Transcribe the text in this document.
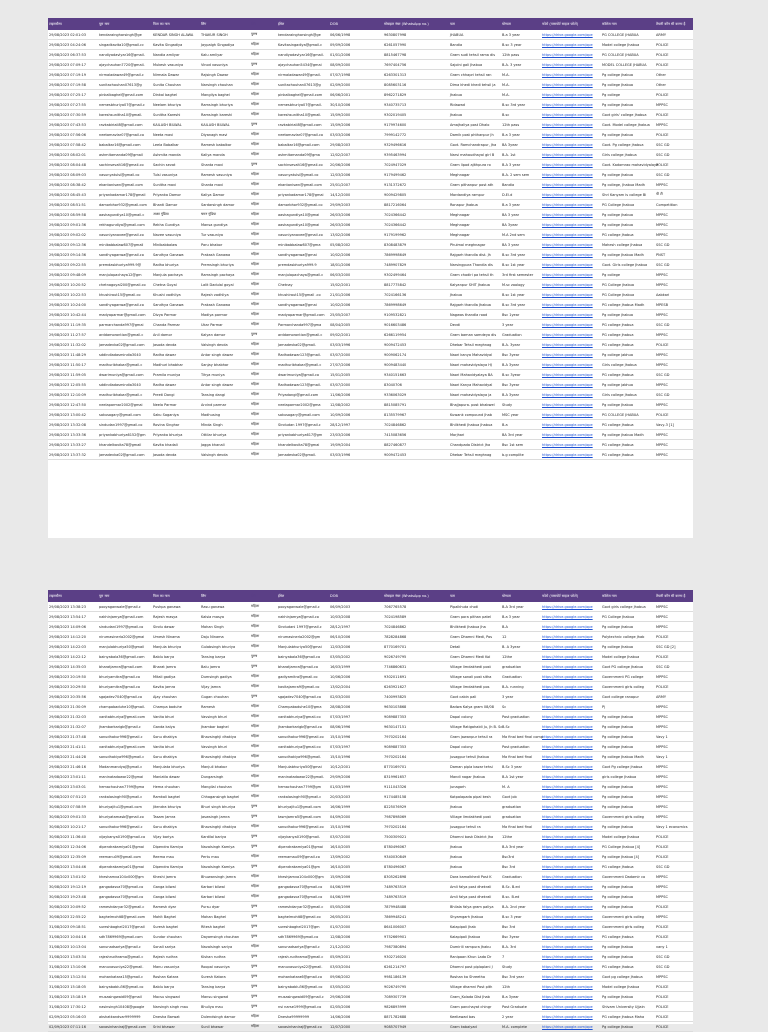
टाइमस्टैम्प	पूरा नाम	पिता का नाम	लिंग	लिंग	ईमेल	DOB	मोबाइल नंबर (WhatsApp no.)	पता	योग्यता	फोटो (पासपोर्ट साइज फोटो)	कॉलेज नाम	तैयारी कौन सी करना है
29/08/2023 02:01:03	kendaraingharsingh@ge	KENDAR SINGH ALAWA	THAKUR SINGH	पुरुष	kendaraingharsingh@ge	06/06/1998	9630807998	JHABUA	B.a 3 year	https://drive.google.com/ope	PG COLLEGE JHABUA	ARMY
29/08/2023 04:24:06	singadkavita10@gmail.cc	Kavita Singadiya	Jaypalgh Singadiya	महिला	Kavitasingadiya@gmail.c	09/09/2006	6261057990	Bandia	B.sc 3 year	https://drive.google.com/ope	Model college Jhabua	POLICE
29/08/2023 06:37:53	nandiyadavlyar16@gmail.	Nandia amliyar	Kalu amliyar	महिला	nandiyadavlyar16@gmail.	01/01/2006	8815467798	Gram sudi tehsil rama dis	12th pass	https://drive.google.com/ope	PG COLLEGE JHABUA	POLICE
29/08/2023 07:09:17	ajaychauhan7720@gmail.	Mukesh vasuniya	Vinod vasuniya	पुरुष	ajaychauhan5434@gmai	08/09/2000	7697404756	Sajolni gali Jhabua	B.A. 3 year	https://drive.google.com/ope	MODEL COLLEGE JHABUA	POLICE
29/08/2023 07:19:19	nirmaladawar49@gmail.c	Nirmala Dawar	Rajsingh Dawar	महिला	nirmaladawar49@gmail.	07/07/1998	6263301313	Gram chhapri tehsil ran	M.A.	https://drive.google.com/ope	Pg college jhabua	Other
29/08/2023 07:19:58	sunitachouhan07613@g	Sunita Chouhan	Narsingh chouhan	महिला	sunitachouhan07613@g	02/09/2000	8085603116	Dima khedi khedi tehsil ja	M.A.	https://drive.google.com/ope	Pg college Jhabua	Other
29/08/2023 07:25:17	pinkalbaghel@gmail.com	Dinkal baghel	Mangilya baghel	महिला	pinkalbaghel@gmail.com	06/06/2001	8962271829	Jhabua	M.A.	https://drive.google.com/ope	Pg college	POLICE
29/08/2023 07:27:55	nemesbhuriya07@gmail.c	Neelam bhuriya	Ramsingh bhuriya	महिला	nemesbhuriya07@gmail.	30/10/2006	9340735713	Ridawad	B.sc 3rd year	https://drive.google.com/ope	Pg college jhabua	MPPSC
29/08/2023 07:30:59	kareshsunitha10@gmail.	Sunitha Kareshi	Ramsingh kareshi	महिला	kareshsunitha10@gmail.	15/09/2000	9302019405	Jhabua	B.sc	https://drive.google.com/ope	Govt girls' college Jhabua	POLICE
29/08/2023 07:43:53	ravkabiriali8@gmail.com	KAILASH BILWAL	KAILASH BILWAL	पुरुष	ravkabiriali8@gmail.com	15/09/2006	9179974600	Amajhaliya post Dhalo	12th pass	https://drive.google.com/ope	Govt. Model college Jhabua	MPPSC
29/08/2023 07:56:06	neetamavlar07@gmail.co	Neeta mavi	Diyanagh mavi	महिला	neetamavlar07@gmail.co	03/03/2006	7999142772	Damik post phthanpur Jh	B.a 3 year	https://drive.google.com/ope	Pg college jhabua	POLICE
29/08/2023 07:58:42	babalkar16@gmail.com	Leela Babalkar	Ramesh babalkar	महिला	babalkar16@gmail.com	29/08/2003	9329496616	Govt. Ramchandrapur, Jha	BA 3year	https://drive.google.com/ope	Govt. Pg college jhabua	SSC GD
29/08/2023 08:02:01	ashmitamanda09@gmail	Ashmita manda	Kaliya manda	महिला	ashmitamanda09@gma	12/02/2007	9395463994	Narsi mahaudhayal girl B	B.A. 1st	https://drive.google.com/ope	Girls college jhabua	SSC GD
29/08/2023 08:04:48	sachinsevalt16@gmail.co	Sachin sevat	Shanta mavi	पुरुष	sachinsevalt16@gmail.co	20/06/2006	7024947029	Gram lipod ajithpura ro	B.A 3 year	https://drive.google.com/ope	Govt. Kadomrao mahavidyalaya	POLICE
29/08/2023 08:09:03	vasunyatulsi@gmail.co	Tulsi vasuniya	Ramesh vasuniya	महिला	vasunyatulsi@gmail.co	12/03/2006	9179499462	Meghnagar	B.A. 2 sem sem	https://drive.google.com/ope	Pg college jhabua	SSC GD
29/08/2023 08:38:42	ekantaniswn@gmail.com	Sunitha mavi	Shanta mavi	महिला	ekantaniswn@gmail.com	25/01/2007	9131372672	Gram pithanpur post ath	Bandia	https://drive.google.com/ope	Pg college, Jhabua Madh	MPPSC
29/08/2023 08:45:43	priyankadamar178@gmail	Priyanka Damor	Kaliya Damor	महिला	priyankadamar178@gmai	14/12/2000	9009429805	Mordandiya rampur	D.El.d	https://drive.google.com/ope	Shri Kanyam is college Bi	पी टी
29/08/2023 08:51:51	damorbhor932@gmail.com	Bhanti Damor	Sardarsingh damor	महिला	damorbhor932@gmail.co	29/09/2003	8817216064	Ronapur Jhabua	B.a 3 year	https://drive.google.com/ope	PG College Jhabua	Competition
29/08/2023 08:59:58	aashagundiya10@gmail.c	आशा गुंडिया	चमन गुंडिया	महिला	aashagundiya10@gmai	26/03/2006	7024366442	Meghnagar	BA 3 year	https://drive.google.com/ope	Pg college jhabua	MPPSC
29/08/2023 09:01:36	rekhagundiya@gmail.com	Rekha Gundiya	Mansa gundiya	महिला	aashagundiya10@gmai	26/03/2006	7024366442	Meghnagar	BA 3year	https://drive.google.com/ope	Pg college jhabua	MPPSC
29/08/2023 09:02:02	vasuniyanavee@gmail.co	Navee vasuniya	Tur vasuniya	महिला	vasuniyanavee@gmail.co	13/02/2006	9179199962	Meghnagar	M.A 2nd sem	https://drive.google.com/ope	PG college Jhabua	MPPSC
29/08/2023 09:12:36	minibabbalaw807@gmail	Minibabbalaw	Paru bhabor	महिला	minibabbalaw807@gma	05/08/2002	8308483879	Phulmal meghnagar	BA 3 year	https://drive.google.com/ope	Mahesh college Jhabua	SSC GD
29/08/2023 09:14:36	sandhyaganwa@gmail.co	Sandhya Ganawa	Prakash Ganawa	महिला	sandhyaganwa@gmai	10/02/2006	7869998649	Rajgarh thandla dist. Jh	B.sc 3rd year	https://drive.google.com/ope	Pg college Jhabua Madh	PNST
29/08/2023 09:22:55	premdasbhuriya999.9@	Radha bhuriya	Premsingh bhuriya	महिला	premdasbhuriya999.9	18/01/2006	7489907829	Narsingpura Thandla dis	B.sc 1st year	https://drive.google.com/ope	Govt. Girls college Jhabua	SSC GD
29/08/2023 09:48:09	manjulapachaya12@gm	Manjula pachaya	Ramsingh pachaya	महिला	manjulapachaya@gmail.c	06/03/2000	9302499464	Gram chodiri pa tehsil th	3rd first semester	https://drive.google.com/ope	Pg college	MPPSC
29/08/2023 10:20:52	chetnagoyal200@gmail.co	Chetna Goyal	Lalit Dadulal goyal	महिला	Chetnay	15/02/2001	8817775842	Kalyanpur SHIT Jhabua	M.sc zoology	https://drive.google.com/ope	PG College jhabua	MPPSC
29/08/2023 10:22:53	khushiraut15@gmail.co	Khushi vadhliya	Rajesh vadhliya	महिला	khushiraut15@gmail .co	21/01/2006	7024166136	Jhabua	B.sc 1st year	https://drive.google.com/ope	PG College Jhabua	Aabkari
29/08/2023 10:24:00	sandhyaganwa@gmail.co	Sandhya Ganawa	Prakash Ganawa	महिला	sandhyaganwa@gmai	10/02/2006	7869998649	Rajgarh thandla Jhabua	B.sc 3rd year	https://drive.google.com/ope	PG college Jhabua Madh	MPESB
29/08/2023 10:42:44	madyaparmar@gmail.com	Divya Parmar	Madiya parmar	महिला	madyaparmar@gmail.com	25/05/2007	9109532821	Nagwas thandla road	Bsc 1year	https://drive.google.com/ope	Pg college jhabua	MPPSC
29/08/2023 11:19:35	parmarchanda997@gmai	Chanda Parmar	Ukar Parmar	महिला	Parmarchanda997@gma	08/04/2005	9016603486	Devdi	3 year	https://drive.google.com/ope	PG college jhabua	SSC GD
29/08/2023 11:27:57	arddamorontion@gmail.c	Anil damor	Kalyan damor	पुरुष	arddamorontion@gmail.c	09/02/2001	6266119954	Gram baman samdeya dis	Graduation	https://drive.google.com/ope	PG college jhabua	MPPSC
29/08/2023 11:32:02	jamadevka02@gmail.com	Jasoda devda	Valsingh devda	महिला	Jamadevka02@gmail.	03/03/1996	9009472453	Dhebar Tehsil meghnag	B.A. 3year	https://drive.google.com/ope	PG college Jhabua	POLICE
29/08/2023 11:48:29	sddindiadasmindia3040	Radha dawar	Antar singh dawar	महिला	Radhadawar123@gmail.	03/07/2000	9009062174	Naori kanya Mahavidyal	Bsc 3year	https://drive.google.com/ope	Pg college jabhua	MPPSC
29/08/2023 11:50:17	madhuribhabar@gmail.c	Madhuri bhabhar	Sanjay bhabhar	महिला	madhuribhabar@gmail.c	27/07/2006	9009483440	Naori mahavidyalaya HJ	B.A 3year	https://drive.google.com/ope	Girls college Jhabua	MPPSC
29/08/2023 11:59:05	dwarimuniya@gmail.com	Pramila muniya	Tihya muniya	महिला	dwarimuniya@gmail.co	15/01/2005	9340151663	Naori Mahavidyalaya BA	B.sc 3year	https://drive.google.com/ope	PG college Jhabua	SSC GD
29/08/2023 12:05:55	sddindiadasmindia3040	Radha dawar	Antar singh dawar	महिला	Radhadawar123@gmail.	03/07/2000	83040706	Naori Kanya Mahavidyal	Bsc 3year	https://drive.google.com/ope	Pg college jabhua	MPPSC
29/08/2023 12:10:09	madhuribhabar@gmail.c	Preeti Dangi	Tansing dangi	महिला	Priyadangi@gmail.com	11/06/2006	9336063029	Naori mahavidyalaya ja	B.A 3year	https://drive.google.com/ope	Girls college Jhabua	SSC GD
29/08/2023 12:47:50	neelaparmar2002@gmai	Neela Parmar	Arvind parmar	महिला	neelaparmar2002@gma	12/08/2002	8815085791	Bhajjapura. post bhabwel	Study	https://drive.google.com/ope	Pg college Jhabua	MPPSC
29/08/2023 13:00:42	sakusagary@gmail.com	Saku Saganiya	Madhusing	महिला	sakusagary@gmail.com	10/09/2006	8135579967	Kuwank compound Jhab	MSC year	https://drive.google.com/ope	PG COLLEGE JHABUA	POLICE
29/08/2023 13:32:08	sindudan1997@gmail.co	Rovina Singhar	Minda Singh	महिला	Sindudan 1997@gmail.c	28/12/1997	7024846862	Bhilkhedi Jhabua Jhabua	B.a	https://drive.google.com/ope	PG college Jhabua	Vavy-3 [1]
29/08/2023 13:33:36	priyankabhuriya6152@gm	Priyanka bhuriya	Ottilar bhuriya	महिला	priyankabhuriya617@gm	23/03/2006	7415083656	Morjhari	BA 3rd year	https://drive.google.com/ope	Pg college jhabua Madh	MPPSC
29/08/2023 13:33:27	khandelkavita78@gmail	Kavita khadali	Jagga khanali	महिला	khandelkavita78@gmai	19/09/2004	8827460877	Chandpada District Jha	Bsc 1st sem	https://drive.google.com/ope	PG college Jhabua	MPPSC
29/08/2023 13:37:32	jamadevka02@gmail.com	Jasoda devda	Valsingh devda	महिला	Jamadevka02@gmail.	03/03/1996	9009472453	Dhebar Tehsil meghnag	b.g complite	https://drive.google.com/ope	PG college Jhabua	MPPSC
टाइमस्टैम्प	पूरा नाम	पिता का नाम	लिंग	लिंग	ईमेल	DOB	मोबाइल नंबर (WhatsApp no.)	पता	योग्यता	फोटो (पासपोर्ट साइज फोटो)	कॉलेज नाम	तैयारी कौन सी करना है
29/08/2023 13:38:23	pooyaganwale@gmail.c	Pushpa ganawa	Rasu ganawa	महिला	pooyaganwale@gmail.c	06/09/2003	7067765578	Pipalkhuta choti	B.A 3rd year	https://drive.google.com/ope	Govt girls college Jhabua	MPPSC
29/08/2023 13:54:17	nakhinjamya@gmail.com	Rajesh masya	Kalsia masya	महिला	nakhinjamya@gmail.co	10/03/2008	7024198589	Gram pora pithan patel	B.a 3 year	https://drive.google.com/ope	PG College Jhabua	MPPSC
29/08/2023 14:09:06	sindudani1997@gmail.co	Sindu dawar	Mohan Singh	महिला	Sindudani 1997@gmail.c	28/12/1997	7024846862	Bhilkhedi Jhabua Jha	B.A	https://drive.google.com/ope	Pg college jhabua	MPPSC
29/08/2023 14:12:20	nirumasinerla2002@gmai	Umesh Ninama	Daju Ninama	महिला	nirumasinerla2002@gm	06/10/2006	7828284868	Gram Dhamni Medi, Pos	12	https://drive.google.com/ope	Polytechnic college Jhab	POLICE
29/08/2023 14:22:03	manjulabhuriya50@gmail	Manjula bhuriya	Gulabsingh bhuriya	महिला	Manjulabhuriya50@gmai	12/03/2006	8770169701	Detali	B. A 3year	https://drive.google.com/ope	Pg college Jhabua	SSC GD [2]
29/08/2023 14:22:12	bainyabala36@gmail.com	Bablu barya	Tansing barya	पुरुष	bainyabala36@gmail.co	03/05/2002	9026749795	Gram Dhamni Medi Kol	12the	https://drive.google.com/ope	Model college Jhabua	POLICE
29/08/2023 14:35:03	bharatjamra@gmail.com	Bharat jamra	Balu jamra	पुरुष	bharatjamra@gmail.co	16/03/1999	7746860631	Village limdakhedi post	graduation	https://drive.google.com/ope	Govt PG college Jhabua	SSC GD
29/08/2023 20:19:50	bhuriyamitra@gmail.co	Mitali gadiya	Dumsingh gadiya	महिला	gadiyamitra@gmail.co	10/06/2006	9302011691	Village sonali post sitha	Graduation	https://drive.google.com/ope	Government PG college	MPPSC
29/08/2023 20:29:50	bhuriyamitra@gmail.co	Kavita jamra	Vijay jamra	महिला	kavitajamra9@gmail.co	13/02/2004	6263921627	Village limdakhedi pos	B.A. running	https://drive.google.com/ope	Government girls colleg	POLICE
29/08/2023 20:35:56	sgajadev7040@gmail.co	Ajay chouhan	Gugan chouhan	पुरुष	sgajadev7040@gmail.co	02/03/2000	7400993825	Govt cabin pali	3 year	https://drive.google.com/ope	Govt college ranapur	ARMY
29/08/2023 21:30:09	champabaduhe10@gmail.	Champa baduhe	Ramesh	महिला	Champabaduhe10@gma	28/08/2006	9630103868	Badwa Kalya gram 08/08	Sc	https://drive.google.com/ope	Pj	MPPSC
29/08/2023 21:32:03	vanitabhuriya@gmail.com	Vanita bhuri	Vavsingh bhuri	महिला	vanitabhuriya@gmail.co	07/03/1997	9089887353	Dapal colony	Post graduation	https://drive.google.com/ope	Pg college jhabua	MPPSC
29/08/2023 21:32:07	jhambarkarigb@gmail.c	Ganda kalya	Jhambar baghel	महिला	jhambarkarigb@gmail.co	08/06/1996	9630147151	Village Ratigahaldi Ju, Jh B. Sc	B.Sc	https://drive.google.com/ope	Pg college jhabua	MPPSC
29/08/2023 21:37:48	sonudhakur996@gmail.c	Sonu dhakiya	Bhavsinghji dhakiya	महिला	sonudhakur996@gmail.co	15/10/1996	7970202164	Gram jawanpur tehsil ra	Ma final bed final comp	https://drive.google.com/ope	Pg college jhabua	Vavy 1
29/08/2023 21:41:11	vanitabhuriya@gmail.com	Vanita bhuri	Vavsingh bhuri	महिला	vanitabhuriya@gmail.co	07/03/1997	9089887353	Dapal colony	Post graduation	https://drive.google.com/ope	Pg college jhabua	MPPSC
29/08/2023 21:44:28	sonudhakiya996@gmail.c	Sonu dhakiya	Bhavsinghji dhakiya	महिला	sonudhakiya996@gmail.	15/10/1996	7970202164	Jusagpur tehsil Jhabua	Ma final bed final	https://drive.google.com/ope	Pg college Jhabua Madh	Vavy 1
29/08/2023 21:46:16	Madanmandyaj@gmail.c	Manjulata bhuriya	Manjuli bhabor	महिला	Manjulabhuriya50@gmai	10/12/2001	8770169701	Daman pipla bazar tehsi	B.Sc 3 year	https://drive.google.com/ope	Govt Pg college jhabua	MPPSC
29/08/2023 23:01:11	maninatadawar22@gmai	Maniatla dawar	Dungarsingh	महिला	maninatadawar22@gmail.	29/09/2006	8319961657	Mandi nagar Jhabua	B.A 1st year	https://drive.google.com/ope	girls college Jhabua	MPPSC
29/08/2023 23:03:01	hemachouhan7799@gma	Hema chouhan	Mangilal chouhan	महिला	hemachouhan7799@gm	01/03/1999	9111043326	Junagarh	M. A	https://drive.google.com/ope	Pg college jhabua	MPPSC
30/08/2023 07:51:23	rankalasingh90@gmail.c	Ramkali baghel	Chhagansingh baghel	महिला	rankalasingh90@gmail.c	20/03/2003	9174485158	Kotpalapada pipal kesh	Govt job	https://drive.google.com/ope	Pg college jhabua	MPPSC
30/08/2023 07:58:59	bhuriyajitu1@gmail.com	Jitendra bhuriya	Bhuri singh bhuriya	पुरुष	bhuriyajitu1@gmail.com	16/06/1999	8225076929	Jhabua	graduation	https://drive.google.com/ope	Pg college jhabua	MPPSC
30/08/2023 09:01:33	bhuriyatamasb@gmail.co	Tasam Jamra	Jaswsingh Jamra	पुरुष	tasmjamra5@gmail.com	04/09/2000	7987898069	Village limdakhedi post	graduation	https://drive.google.com/ope	Government girls colleg	MPPSC
30/08/2023 10:21:17	sonudhakur996@gmail.c	Sonu dhakiya	Bhavsinghji dhakiya	महिला	sonudhakur996@gmail.co	15/10/1996	7970202164	Jusagpur tehsil ra	Ma final bed final	https://drive.google.com/ope	Pg college jhabua	Vavy 1 economics
30/08/2023 11:36:40	vijaykanya0190@gmail.co	Vijay bariya	Kardilal bariya	पुरुष	vijaykanya0190@gmail.	03/07/2000	7500309021	Dhamni bask District Jha	12the	https://drive.google.com/ope	Model college Jhabua	POLICE
30/08/2023 12:34:06	dipendrakamiya01@gmai	Dipendra Kamiya	Navalsingh Kamiya	पुरुष	dipendrakamiya01@gmai	16/10/2005	8780496067	Jhabua	B.A 3rd year	https://drive.google.com/ope	PG College Jhabua [4]	POLICE
30/08/2023 12:35:09	reemanu09@gmail.com	Reema mau	Pertu mau	महिला	reemamau09@gmail.co	13/09/2002	9340030849	Jhabua	Bsc3rd	https://drive.google.com/ope	Pg college Jhabua [4]	POLICE
30/08/2023 13:04:46	dipendrakamiya01@gmai	Dipendra Kamiya	Navalsingh Kamiya	पुरुष	dipendrakamiya01@gm	16/10/2005	8780496067	Jhabua	Bsc 3rd	https://drive.google.com/ope	PG college Jhabua	SSC GD
30/08/2023 13:01:52	kheshamva104v000@gm	Kheshi jamra	Bhuwansingh jamra	महिला	kheshjamva104v000@gm	15/09/2006	8305262898	Dora kamalkhedi Post K	Graduation	https://drive.google.com/ope	Government Dadamir co	MPPSC
30/08/2023 19:12:19	gangadasva70@gmail.co	Ganga bilwal	Karbari bilwal	महिला	gangadasva70@gmail.co	04/06/1999	7489763519	Amli falya post dhekrali	B.Sc. B.ed	https://drive.google.com/ope	Pg college jhabua	MPPSC
30/08/2023 19:23:48	gangadasva70@gmail.co	Ganga bilwal	Karbari bilwal	महिला	gangadasva70@gmail.co	04/06/1999	7489763519	Amli falya post dhekrali	B.sc. B.ed	https://drive.google.com/ope	Pg college jhabua	MPPSC
30/08/2023 20:09:52	rameshdaryar32@gmail.c	Ramesh dyar	Pursu dyar	पुरुष	rameshdaryar32@gmail.c	05/05/2006	7879948488	Bhilala falya gram paliya	B.A. 2nd year	https://drive.google.com/ope	Pg college jhabua	POLICE
30/08/2023 22:55:22	baghelmohit8@gmail.com	Mohit Baghel	Mohan Baghel	पुरुष	baghelmohit8@gmail.co	26/05/2001	7869948241	Shyamgarh Jhabua	B.sc 3 year	https://drive.google.com/ope	Government girls colleg	MPPSC
31/08/2023 09:18:51	sureshbaghel2017@gmail	Suresh baghel	Ritesh baghel	पुरुष	sureshbaghel2017@gm	01/07/2000	8641006007	Kalapipali Jhab	Bsc 3rd	https://drive.google.com/ope	Government girls colleg	POLICE
31/08/2023 10:04:16	sdh7869969@gmail.com	Sundar chouhan	Dayamsingh chouhan	पुरुष	sdh7869969@gmail.co	12/08/2006	9752669901	Kalapipali Jhabua	Bsc 3year	https://drive.google.com/ope	PG college jhabua	POLICE
31/08/2023 10:13:04	sonunadsariya@gmail.c	Sonali sariya	Navalsingh sariya	महिला	sonunadsariya@gmail.c	21/12/2002	7987380894	Dumirili rampura Jhabu	B.A. 3rd	https://drive.google.com/ope	Pg college Jhabua	vany 1
31/08/2023 13:03:34	rajeshrudhrama@gmail.c	Rajesh rudhra	Kishan rudhra	पुरुष	rajesh.rudhrama@gmail.c	05/09/2001	9302716020	Ranipaan Khun Lada Dr	7	https://drive.google.com/ope	Pg college jhabua	SSC GD
31/08/2023 13:10:06	manuvasuniya22@gmail.	Manu vasuniya	Roopal vasuniya	पुरुष	manuvasuniya22@gmail.	03/03/2004	6261214797	Dhamni post piploplani J	Study	https://drive.google.com/ope	PG college Jhabua	SSC GD
31/08/2023 13:12:54	mohankatara15@gmail.c	Roshan Katara	Suresh Katara	पुरुष	mohankatara6@gmail.co	09/06/2002	9981186139	Roshan ka Shreetha	Bsc 3rd year	https://drive.google.com/ope	Govt pg college Jhabua	MPPSC
31/08/2023 15:18:05	bainyabablu36@gmail.co	Bablu barya	Tansing barya	पुरुष	bainyabablu36@gmail.co	03/05/2002	9026749795	Village dhamni Post pith	12th	https://drive.google.com/ope	Model college Jhabua	POLICE
31/08/2023 15:18:19	musasingwaid09@gmail	Mocsu singwad	Mansu singwad	पुरुष	musasingwaid09@gmail.c	29/06/2006	7089307739	Gram_Kolada Dist Jhab	B.a 3year	https://drive.google.com/ope	Pg college Jhabua	POLICE
31/08/2023 17:30:12	nasinsingh10408@google	Narsingh singh mau	Bhuliya mau	पुरुष	nsi narse1999@gmail.co	02/05/2006	9826893999	Gram panchayat chingr	Post Graduate	https://drive.google.com/ope	Shivam University Ujjain	POLICE
02/09/2023 05:16:03	akshatkandvar9999999	Dnesha Barwat	Dulendsingh damor	महिला	Dnesha99999999	14/06/2006	8871782688	Keeliawad bas	2 year	https://drive.google.com/ope	PG college jhabua Maha	POLICE
02/09/2023 07:11:16	savasinhaniraj@gmail.com	Srini bhawar	Sunil bhawar	महिला	savasinhaniraj@gmail.co	12/07/2000	9085707949	Gram kabaiyad	M.A. complete	https://drive.google.com/ope	Pg college Jhabua	POLICE
